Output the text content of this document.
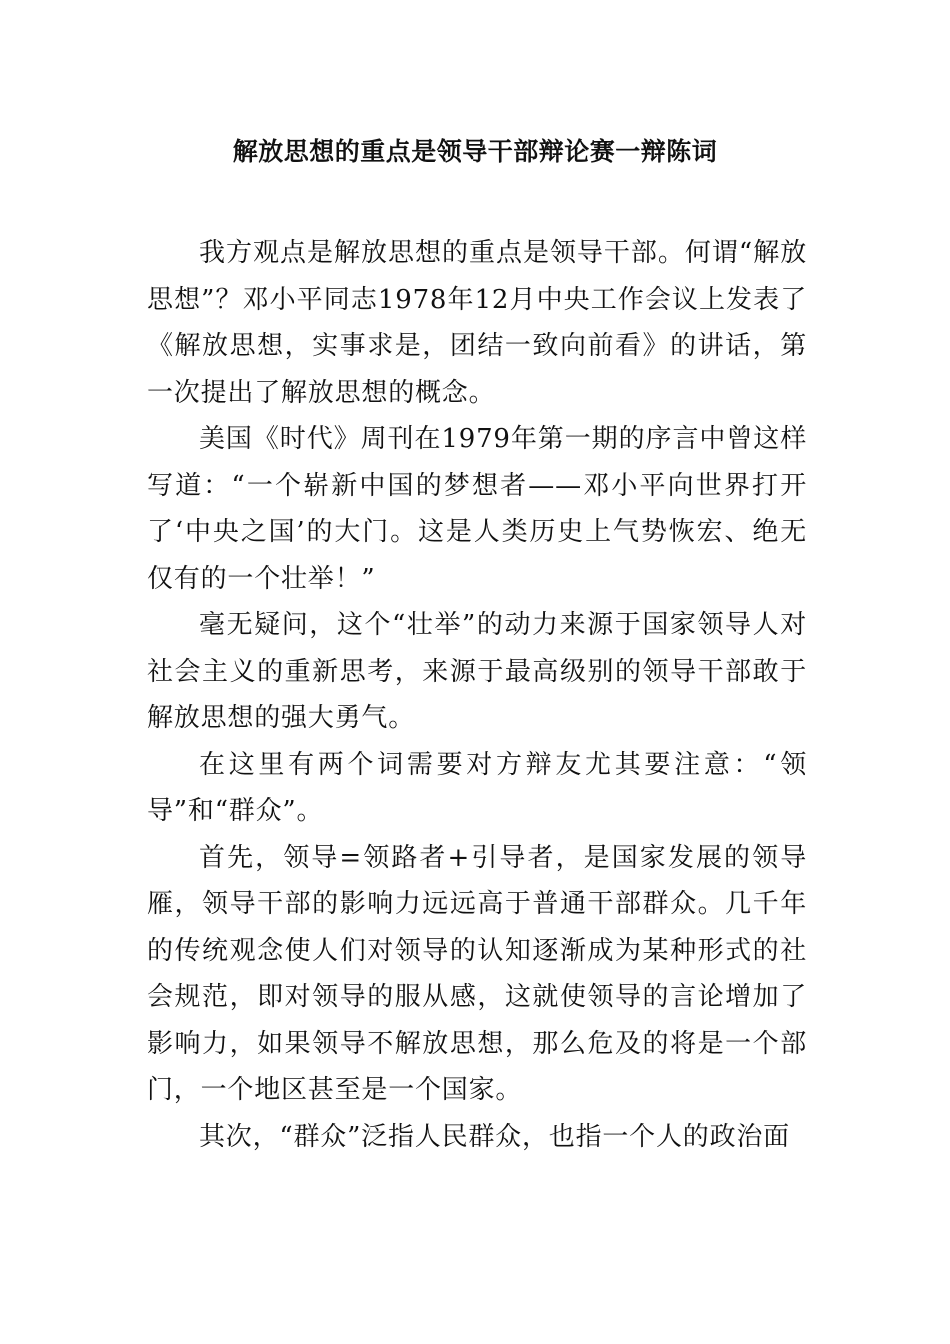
解放思想的重点是领导干部辩论赛一辩陈词

我方观点是解放思想的重点是领导干部。何谓“解放思想”？邓小平同志1978年12月中央工作会议上发表了《解放思想，实事求是，团结一致向前看》的讲话，第一次提出了解放思想的概念。

美国《时代》周刊在1979年第一期的序言中曾这样写道：“一个崭新中国的梦想者——邓小平向世界打开了‘中央之国’的大门。这是人类历史上气势恢宏、绝无仅有的一个壮举！”

毫无疑问，这个“壮举”的动力来源于国家领导人对社会主义的重新思考，来源于最高级别的领导干部敢于解放思想的强大勇气。

在这里有两个词需要对方辩友尤其要注意：“领导”和“群众”。

首先，领导=领路者+引导者，是国家发展的领导雁，领导干部的影响力远远高于普通干部群众。几千年的传统观念使人们对领导的认知逐渐成为某种形式的社会规范，即对领导的服从感，这就使领导的言论增加了影响力，如果领导不解放思想，那么危及的将是一个部门，一个地区甚至是一个国家。

其次，“群众”泛指人民群众，也指一个人的政治面
